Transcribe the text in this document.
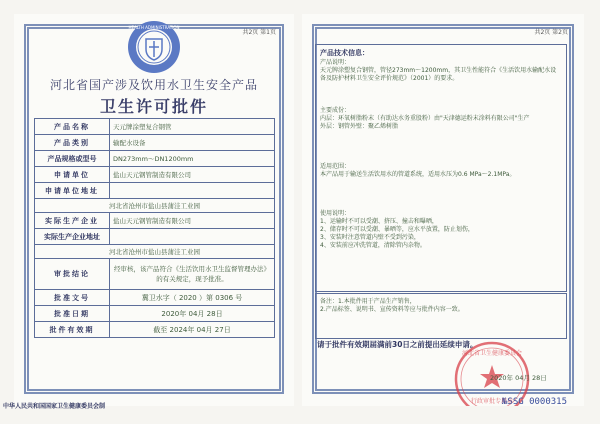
共2页 第1页
HEALTH ADMINISTRATION
河北省国产涉及饮用水卫生安全产品
卫生许可批件
产品名称	天元牌涂塑复合钢管
产品类别	输配水设备
产品规格或型号	DN273mm～DN1200mm
申请单位	盐山天元钢管制造有限公司
申请单位地址	
河北省沧州市盐山县蒲洼工业园	
实际生产企业	盐山天元钢管制造有限公司
实际生产企业地址	
河北省沧州市盐山县蒲洼工业园	
审批结论	经审核，该产品符合《生活饮用水卫生监督管理办法》的有关规定，现予批准。
批准文号	冀卫水字（ 2020 ）第 0306 号
批准日期	2020年 04月 28日
批件有效期	截至 2024年 04月 27日
共2页 第2页
产品技术信息：
产品说明：
天元牌涂塑复合钢管，管径273mm～1200mm，其卫生性能符合《生活饮用水输配水设备及防护材料卫生安全评价规范》（2001）的要求。
主要成份：
内层：环氧树脂粉末（有助达水务重股粉）由"天津德运粉末涂料有限公司"生产
外层：钢管外壁：聚乙烯树脂
适用范围：
本产品用于输送生活饮用水的管道系统，适用水压为0.6 MPa～2.1MPa。
使用说明：
1、运输时不可以受潮、挤压、撞击和曝晒，
2、储存时不可以受潮、暴晒等，应水平放置，防止划伤，
3、安装时注意管道内壁不受到污染，
4、安装前应冲洗管道，清除管内杂物。
备注：1.本批件用于产品生产销售，
2.产品标签、说明书、宣传资料等应与批件内容一致。
请于批件有效期届满前30日之前提出延续申请。
河北省卫生健康委员会
行政审批专用章
2020年 04月 28日
中华人民共和国国家卫生健康委员会制	№SSG 0000315
